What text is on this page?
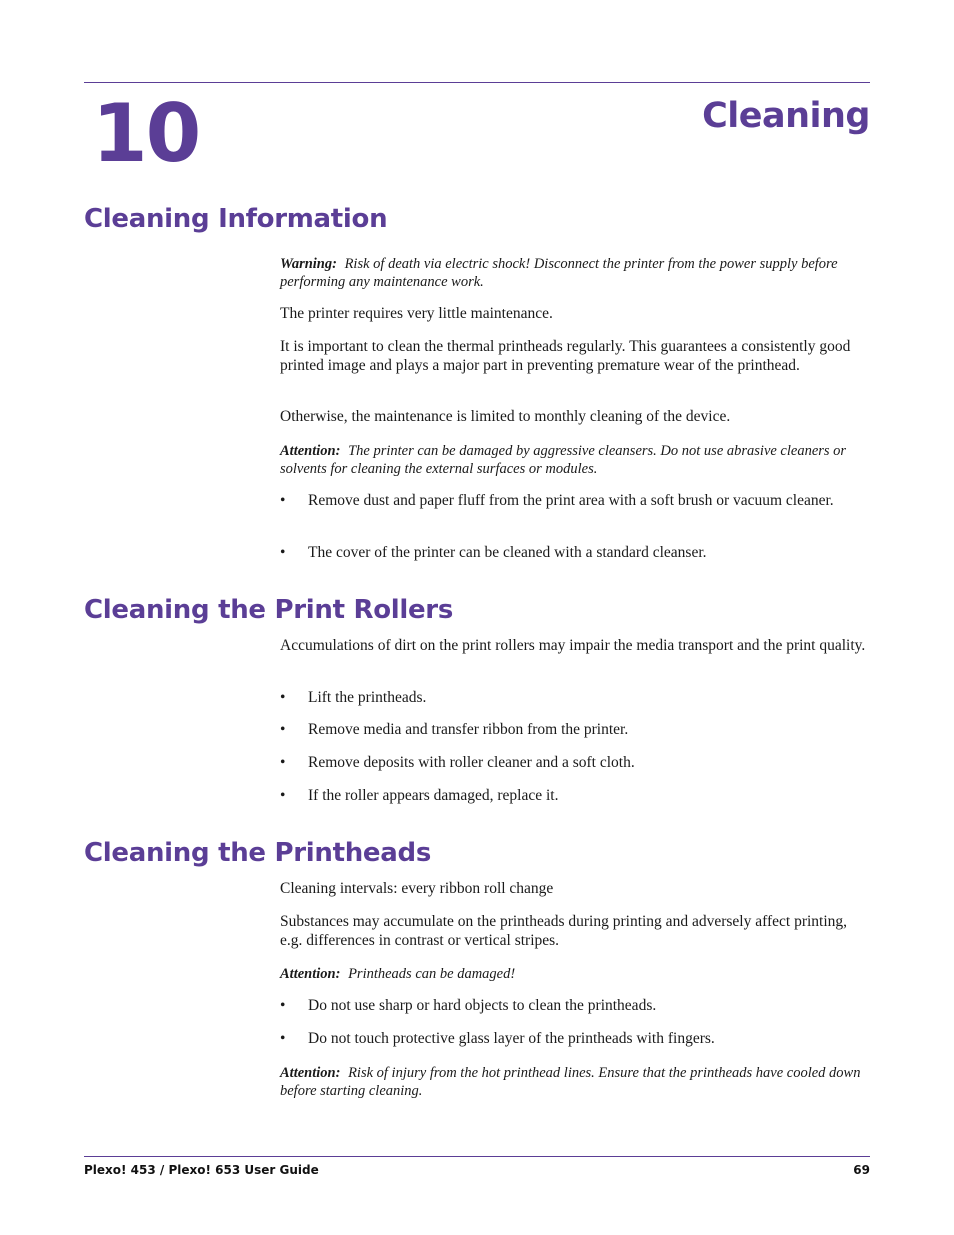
10	Cleaning
Cleaning Information

Warning: Risk of death via electric shock! Disconnect the printer from the power supply before performing any maintenance work.

The printer requires very little maintenance.

It is important to clean the thermal printheads regularly. This guarantees a consistently good printed image and plays a major part in preventing premature wear of the printhead.

Otherwise, the maintenance is limited to monthly cleaning of the device.

Attention: The printer can be damaged by aggressive cleansers. Do not use abrasive cleaners or solvents for cleaning the external surfaces or modules.

• Remove dust and paper fluff from the print area with a soft brush or vacuum cleaner.
• The cover of the printer can be cleaned with a standard cleanser.
Cleaning the Print Rollers

Accumulations of dirt on the print rollers may impair the media transport and the print quality.

• Lift the printheads.
• Remove media and transfer ribbon from the printer.
• Remove deposits with roller cleaner and a soft cloth.
• If the roller appears damaged, replace it.
Cleaning the Printheads

Cleaning intervals: every ribbon roll change

Substances may accumulate on the printheads during printing and adversely affect printing, e.g. differences in contrast or vertical stripes.

Attention: Printheads can be damaged!

• Do not use sharp or hard objects to clean the printheads.
• Do not touch protective glass layer of the printheads with fingers.

Attention: Risk of injury from the hot printhead lines. Ensure that the printheads have cooled down before starting cleaning.

Plexo! 453 / Plexo! 653 User Guide	69
